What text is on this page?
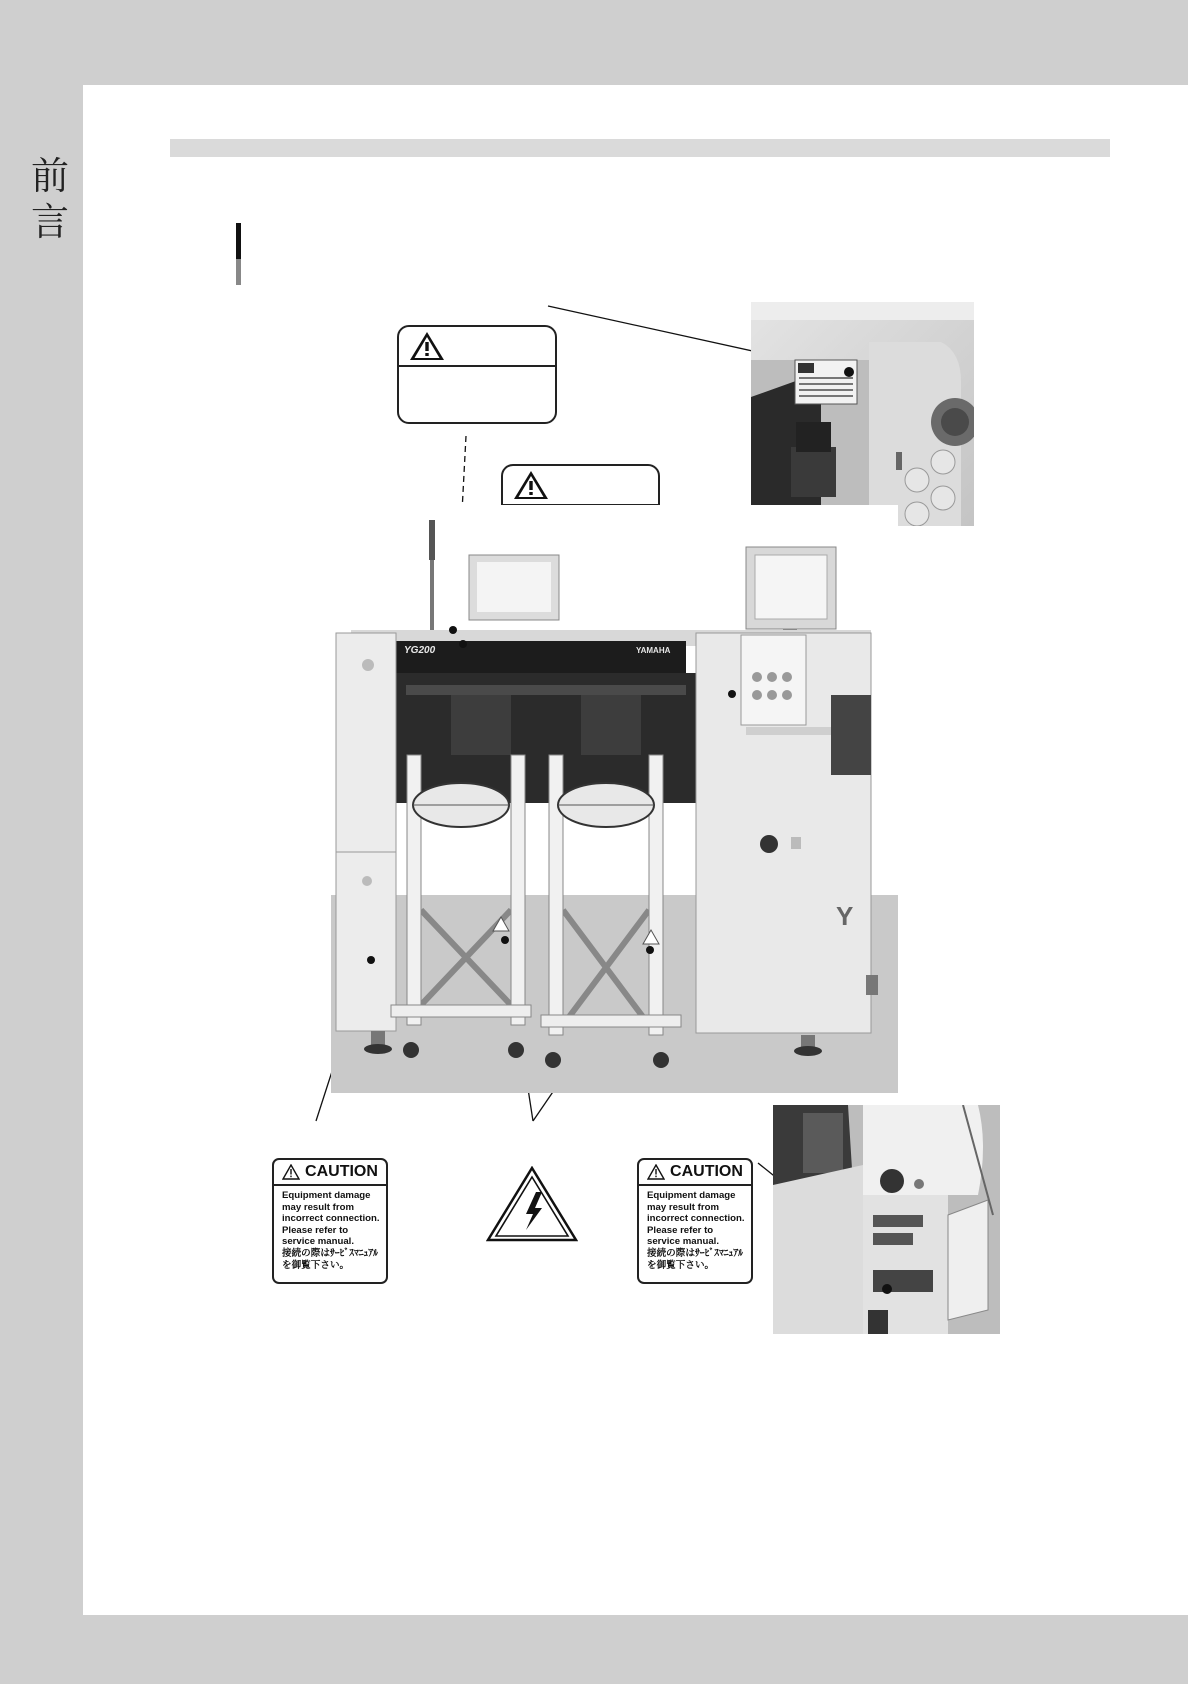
前
言
YG200	YAMAHA
Y
CAUTION
Equipment damage
may result from
incorrect connection.
Please refer to
service manual.
接続の際はｻｰﾋﾞｽﾏﾆｭｱﾙ
を御覧下さい。
CAUTION
Equipment damage
may result from
incorrect connection.
Please refer to
service manual.
接続の際はｻｰﾋﾞｽﾏﾆｭｱﾙ
を御覧下さい。
